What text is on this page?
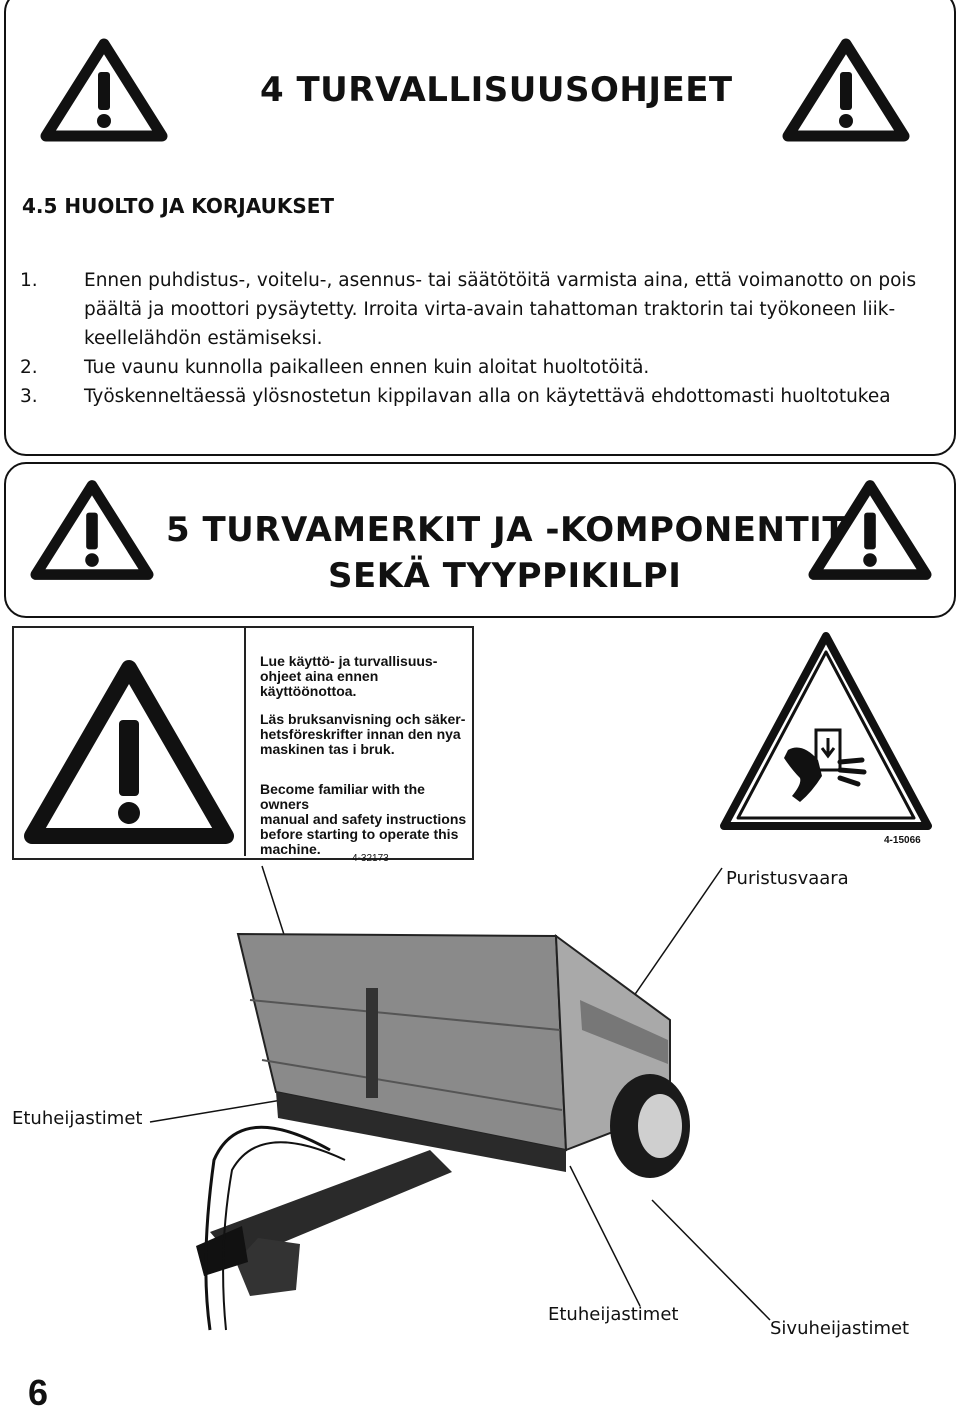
4 TURVALLISUUSOHJEET
4.5 HUOLTO JA KORJAUKSET
1.	Ennen puhdistus-, voitelu-, asennus- tai säätötöitä varmista aina, että voimanotto on pois
päältä ja moottori pysäytetty. Irroita virta-avain tahattoman traktorin tai työkoneen liik-
keellelähdön estämiseksi.
2.	Tue vaunu kunnolla paikalleen ennen kuin aloitat huoltotöitä.
3.	Työskenneltäessä ylösnostetun kippilavan alla on käytettävä ehdottomasti huoltotukea
5 TURVAMERKIT JA -KOMPONENTIT
SEKÄ TYYPPIKILPI
Lue käyttö- ja turvallisuus-
ohjeet aina ennen käyttöönottoa.
Läs bruksanvisning och säker-
hetsföreskrifter innan den nya
maskinen tas i bruk.
Become familiar with the owners
manual and safety instructions
before starting to operate this
machine.
4-32173
4-15066
Puristusvaara
Etuheijastimet
Etuheijastimet
Sivuheijastimet
6
